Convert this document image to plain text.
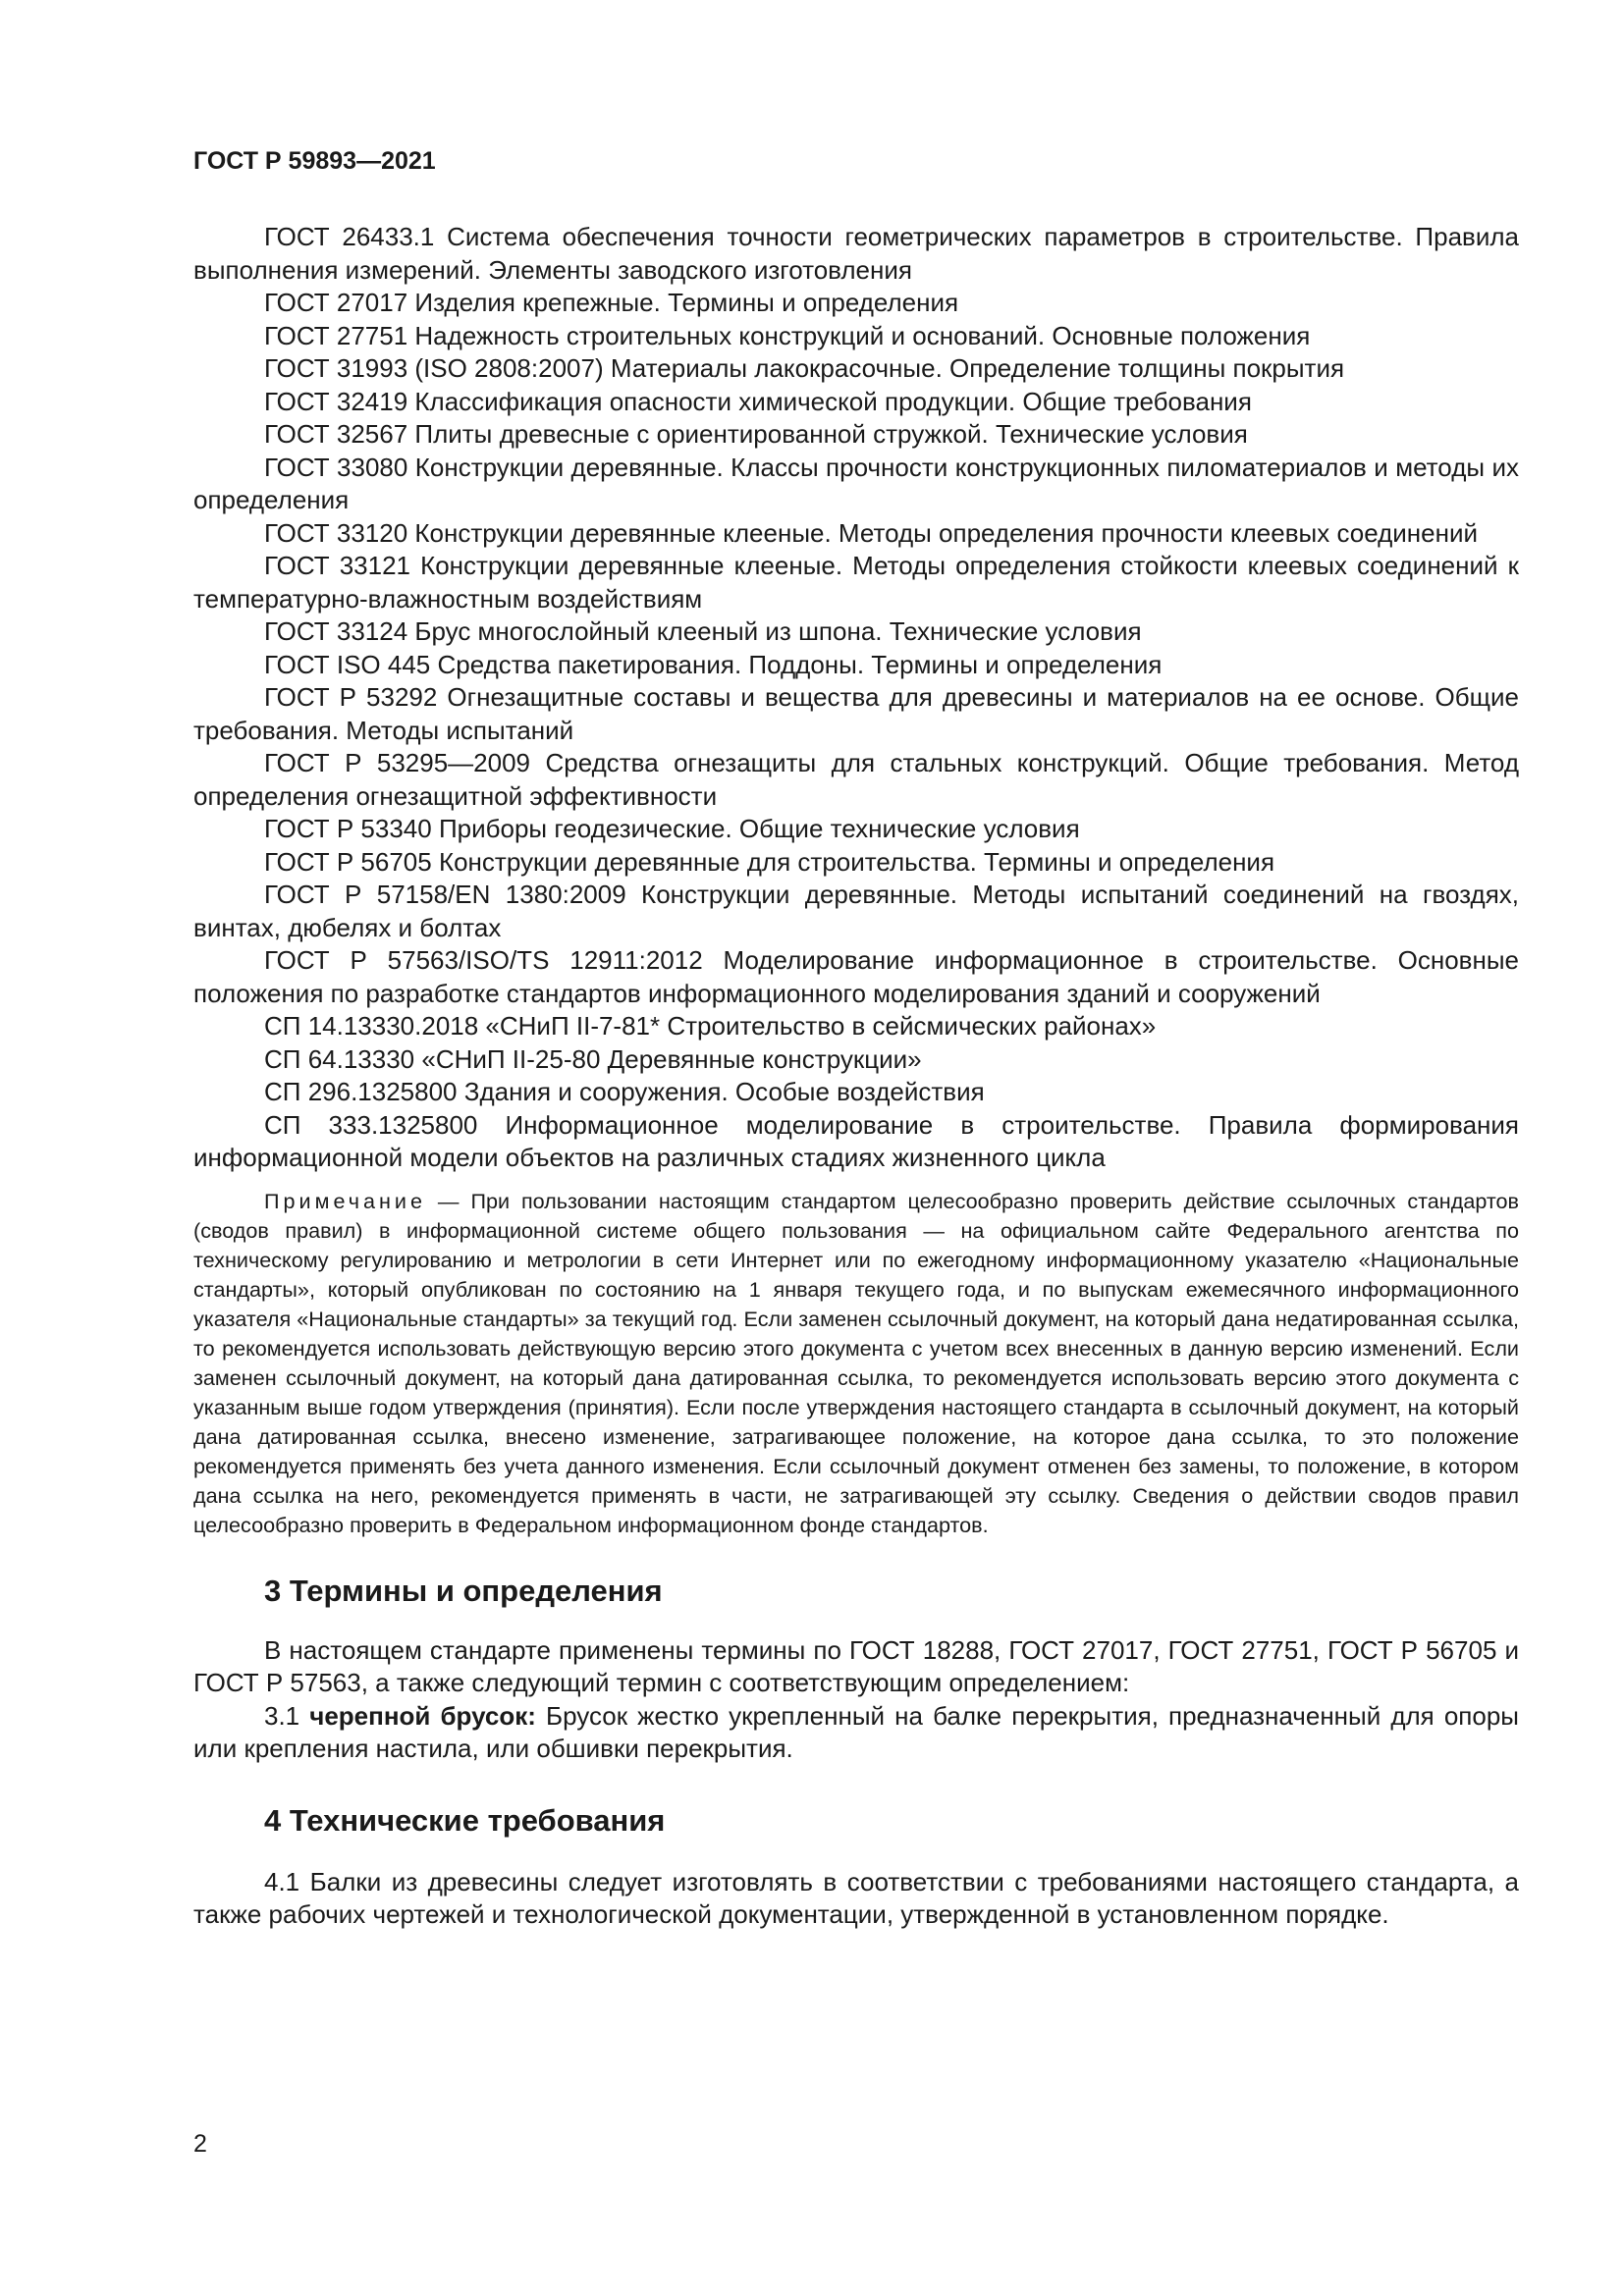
ГОСТ Р 59893—2021

ГОСТ 26433.1 Система обеспечения точности геометрических параметров в строительстве. Правила выполнения измерений. Элементы заводского изготовления

ГОСТ 27017 Изделия крепежные. Термины и определения

ГОСТ 27751 Надежность строительных конструкций и оснований. Основные положения

ГОСТ 31993 (ISO 2808:2007) Материалы лакокрасочные. Определение толщины покрытия

ГОСТ 32419 Классификация опасности химической продукции. Общие требования

ГОСТ 32567 Плиты древесные с ориентированной стружкой. Технические условия

ГОСТ 33080 Конструкции деревянные. Классы прочности конструкционных пиломатериалов и методы их определения

ГОСТ 33120 Конструкции деревянные клееные. Методы определения прочности клеевых соединений

ГОСТ 33121 Конструкции деревянные клееные. Методы определения стойкости клеевых соединений к температурно-влажностным воздействиям

ГОСТ 33124 Брус многослойный клееный из шпона. Технические условия

ГОСТ ISO 445 Средства пакетирования. Поддоны. Термины и определения

ГОСТ Р 53292 Огнезащитные составы и вещества для древесины и материалов на ее основе. Общие требования. Методы испытаний

ГОСТ Р 53295—2009 Средства огнезащиты для стальных конструкций. Общие требования. Метод определения огнезащитной эффективности

ГОСТ Р 53340 Приборы геодезические. Общие технические условия

ГОСТ Р 56705 Конструкции деревянные для строительства. Термины и определения

ГОСТ Р 57158/EN 1380:2009 Конструкции деревянные. Методы испытаний соединений на гвоздях, винтах, дюбелях и болтах

ГОСТ Р 57563/ISO/TS 12911:2012 Моделирование информационное в строительстве. Основные положения по разработке стандартов информационного моделирования зданий и сооружений

СП 14.13330.2018 «СНиП II-7-81* Строительство в сейсмических районах»

СП 64.13330 «СНиП II-25-80 Деревянные конструкции»

СП 296.1325800 Здания и сооружения. Особые воздействия

СП 333.1325800 Информационное моделирование в строительстве. Правила формирования информационной модели объектов на различных стадиях жизненного цикла

Примечание — При пользовании настоящим стандартом целесообразно проверить действие ссылочных стандартов (сводов правил) в информационной системе общего пользования — на официальном сайте Федерального агентства по техническому регулированию и метрологии в сети Интернет или по ежегодному информационному указателю «Национальные стандарты», который опубликован по состоянию на 1 января текущего года, и по выпускам ежемесячного информационного указателя «Национальные стандарты» за текущий год. Если заменен ссылочный документ, на который дана недатированная ссылка, то рекомендуется использовать действующую версию этого документа с учетом всех внесенных в данную версию изменений. Если заменен ссылочный документ, на который дана датированная ссылка, то рекомендуется использовать версию этого документа с указанным выше годом утверждения (принятия). Если после утверждения настоящего стандарта в ссылочный документ, на который дана датированная ссылка, внесено изменение, затрагивающее положение, на которое дана ссылка, то это положение рекомендуется применять без учета данного изменения. Если ссылочный документ отменен без замены, то положение, в котором дана ссылка на него, рекомендуется применять в части, не затрагивающей эту ссылку. Сведения о действии сводов правил целесообразно проверить в Федеральном информационном фонде стандартов.

3 Термины и определения

В настоящем стандарте применены термины по ГОСТ 18288, ГОСТ 27017, ГОСТ 27751, ГОСТ Р 56705 и ГОСТ Р 57563, а также следующий термин с соответствующим определением:

3.1 черепной брусок: Брусок жестко укрепленный на балке перекрытия, предназначенный для опоры или крепления настила, или обшивки перекрытия.

4 Технические требования

4.1 Балки из древесины следует изготовлять в соответствии с требованиями настоящего стандарта, а также рабочих чертежей и технологической документации, утвержденной в установленном порядке.

2
